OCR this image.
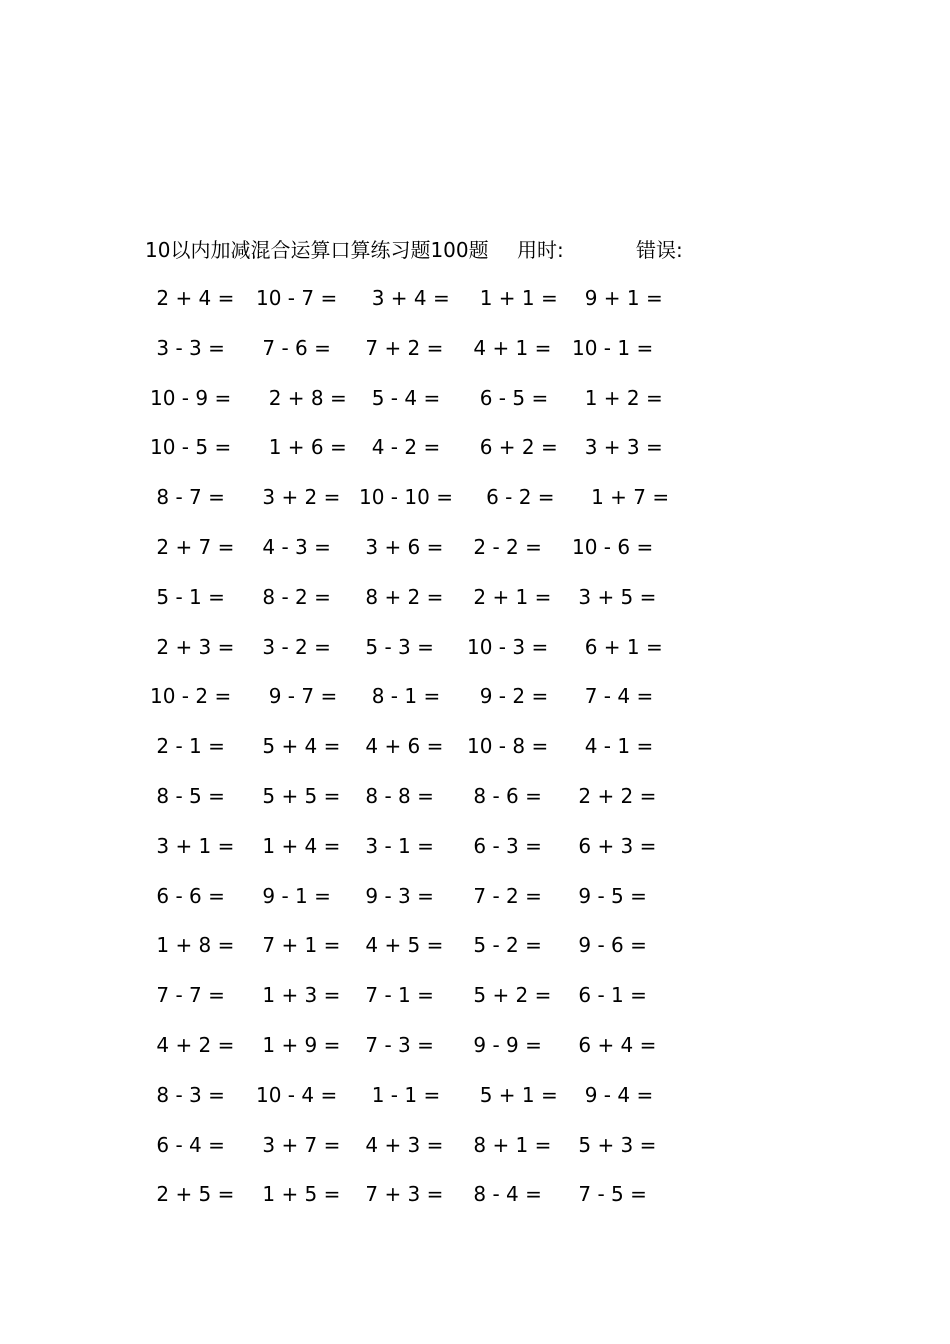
10以内加减混合运算口算练习题100题 用时:	错误:
2 + 4 = 10 - 7 = 3 + 4 = 1 + 1 = 9 + 1 =
3 - 3 = 7 - 6 = 7 + 2 = 4 + 1 = 10 - 1 =
10 - 9 = 2 + 8 = 5 - 4 = 6 - 5 = 1 + 2 =
10 - 5 = 1 + 6 = 4 - 2 = 6 + 2 = 3 + 3 =
8 - 7 = 3 + 2 = 10 - 10 = 6 - 2 = 1 + 7 =
2 + 7 = 4 - 3 = 3 + 6 = 2 - 2 = 10 - 6 =
5 - 1 = 8 - 2 = 8 + 2 = 2 + 1 = 3 + 5 =
2 + 3 = 3 - 2 = 5 - 3 = 10 - 3 = 6 + 1 =
10 - 2 = 9 - 7 = 8 - 1 = 9 - 2 = 7 - 4 =
2 - 1 = 5 + 4 = 4 + 6 = 10 - 8 = 4 - 1 =
8 - 5 = 5 + 5 = 8 - 8 = 8 - 6 = 2 + 2 =
3 + 1 = 1 + 4 = 3 - 1 = 6 - 3 = 6 + 3 =
6 - 6 = 9 - 1 = 9 - 3 = 7 - 2 = 9 - 5 =
1 + 8 = 7 + 1 = 4 + 5 = 5 - 2 = 9 - 6 =
7 - 7 = 1 + 3 = 7 - 1 = 5 + 2 = 6 - 1 =
4 + 2 = 1 + 9 = 7 - 3 = 9 - 9 = 6 + 4 =
8 - 3 = 10 - 4 = 1 - 1 = 5 + 1 = 9 - 4 =
6 - 4 = 3 + 7 = 4 + 3 = 8 + 1 = 5 + 3 =
2 + 5 = 1 + 5 = 7 + 3 = 8 - 4 = 7 - 5 =
